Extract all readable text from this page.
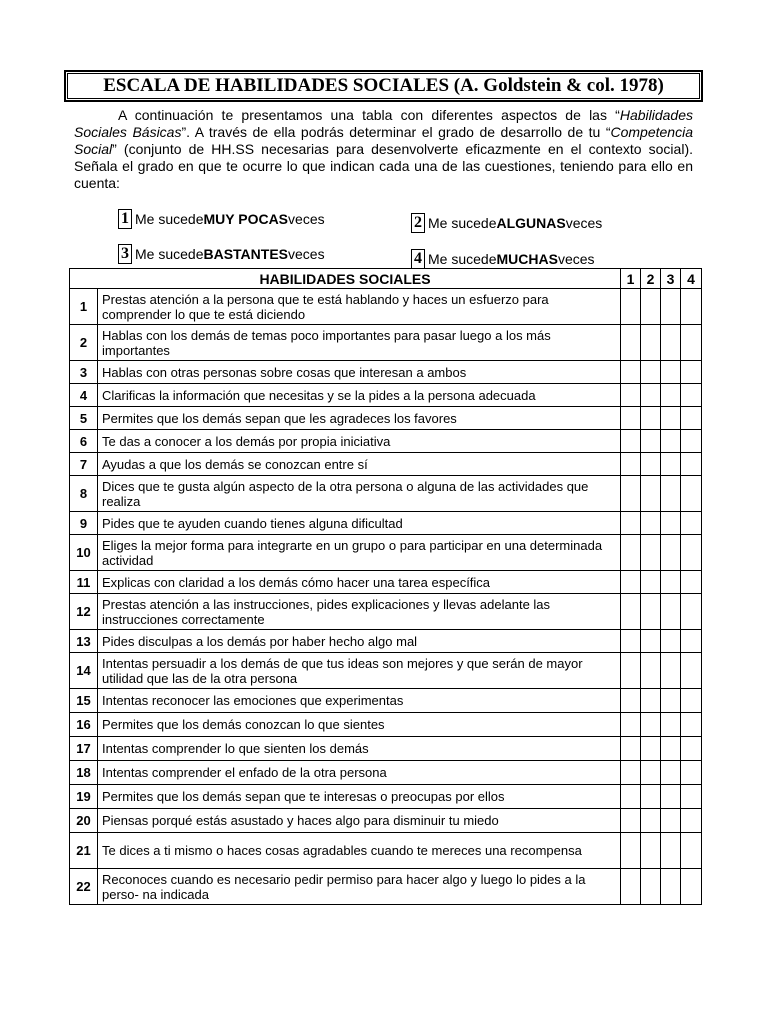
ESCALA DE HABILIDADES SOCIALES (A. Goldstein & col. 1978)

A continuación te presentamos una tabla con diferentes aspectos de las “Habilidades Sociales Básicas”. A través de ella podrás determinar el grado de desarrollo de tu “Competencia Social” (conjunto de HH.SS necesarias para desenvolverte eficazmente en el contexto social). Señala el grado en que te ocurre lo que indican cada una de las cuestiones, teniendo para ello en cuenta:

1 Me sucede MUY POCAS veces	2 Me sucede ALGUNAS veces
3 Me sucede BASTANTES veces	4 Me sucede MUCHAS veces
HABILIDADES SOCIALES		1	2	3	4
1	Prestas atención a la persona que te está hablando y haces un esfuerzo para comprender lo que te está diciendo				
2	Hablas con los demás de temas poco importantes para pasar luego a los más importantes				
3	Hablas con otras personas sobre cosas que interesan a ambos				
4	Clarificas la información que necesitas y se la pides a la persona adecuada				
5	Permites que los demás sepan que les agradeces los favores				
6	Te das a conocer a los demás por propia iniciativa				
7	Ayudas a que los demás se conozcan entre sí				
8	Dices que te gusta algún aspecto de la otra persona o alguna de las actividades que realiza				
9	Pides que te ayuden cuando tienes alguna dificultad				
10	Eliges la mejor forma para integrarte en un grupo o para participar en una determinada actividad				
11	Explicas con claridad a los demás cómo hacer una tarea específica				
12	Prestas atención a las instrucciones, pides explicaciones y llevas adelante las instrucciones correctamente				
13	Pides disculpas a los demás por haber hecho algo mal				
14	Intentas persuadir a los demás de que tus ideas son mejores y que serán de mayor utilidad que las de la otra persona				
15	Intentas reconocer las emociones que experimentas				
16	Permites que los demás conozcan lo que sientes				
17	Intentas comprender lo que sienten los demás				
18	Intentas comprender el enfado de la otra persona				
19	Permites que los demás sepan que te interesas o preocupas por ellos				
20	Piensas porqué estás asustado y haces algo para disminuir tu miedo				
21	Te dices a ti mismo o haces cosas agradables cuando te mereces una recompensa				
22	Reconoces cuando es necesario pedir permiso para hacer algo y luego lo pides a la perso- na indicada				
